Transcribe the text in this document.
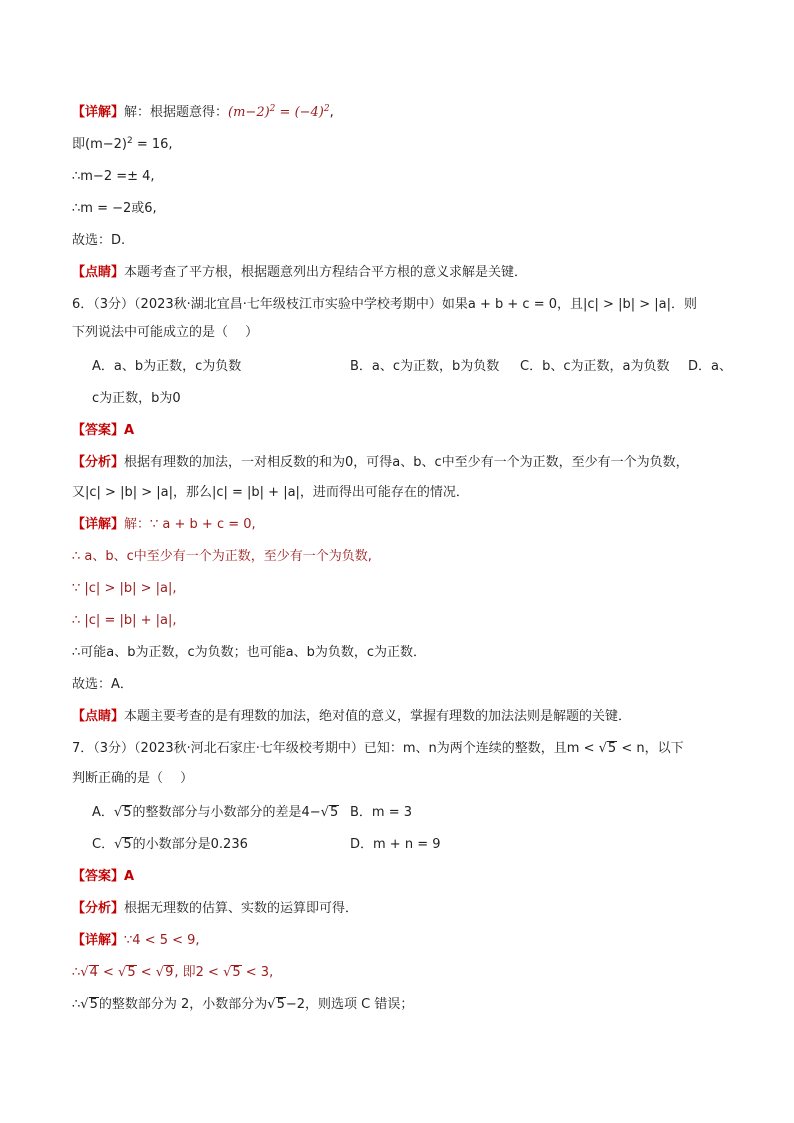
【详解】解：根据题意得：$(m-2)^2 = (-4)^2$,
即$(m-2)^2 = 16$,
∴m−2 =± 4,
∴m = −2或6,
故选：D.
【点睛】本题考查了平方根，根据题意列出方程结合平方根的意义求解是关键．
6．（3分）（2023秋·湖北宜昌·七年级枝江市实验中学校考期中）如果a + b + c = 0，且|c| > |b| > |a|．则
下列说法中可能成立的是（　 ）
A．a、b为正数，c为负数	B．a、c为正数，b为负数 C．b、c为正数，a为负数 D．a、
c为正数，b为0
【答案】A
【分析】根据有理数的加法，一对相反数的和为0，可得a、b、c中至少有一个为正数，至少有一个为负数，
又|c| > |b| > |a|，那么|c| = |b| + |a|，进而得出可能存在的情况．
【详解】解：∵ a + b + c = 0,
∴ a、b、c中至少有一个为正数，至少有一个为负数,
∵ |c| > |b| > |a|,
∴ |c| = |b| + |a|,
∴可能a、b为正数，c为负数；也可能a、b为负数，c为正数．
故选：A．
【点睛】本题主要考查的是有理数的加法，绝对值的意义，掌握有理数的加法法则是解题的关键．
7．（3分）（2023秋·河北石家庄·七年级校考期中）已知：m、n为两个连续的整数，且m < √5 < n，以下
判断正确的是（　 ）
A．√5的整数部分与小数部分的差是4−√5 B．m = 3
C．√5的小数部分是0.236	D．m + n = 9
【答案】A
【分析】根据无理数的估算、实数的运算即可得．
【详解】∵4 < 5 < 9,
∴√4 < √5 < √9, 即2 < √5 < 3,
∴√5的整数部分为 2，小数部分为√5−2，则选项 C 错误；
